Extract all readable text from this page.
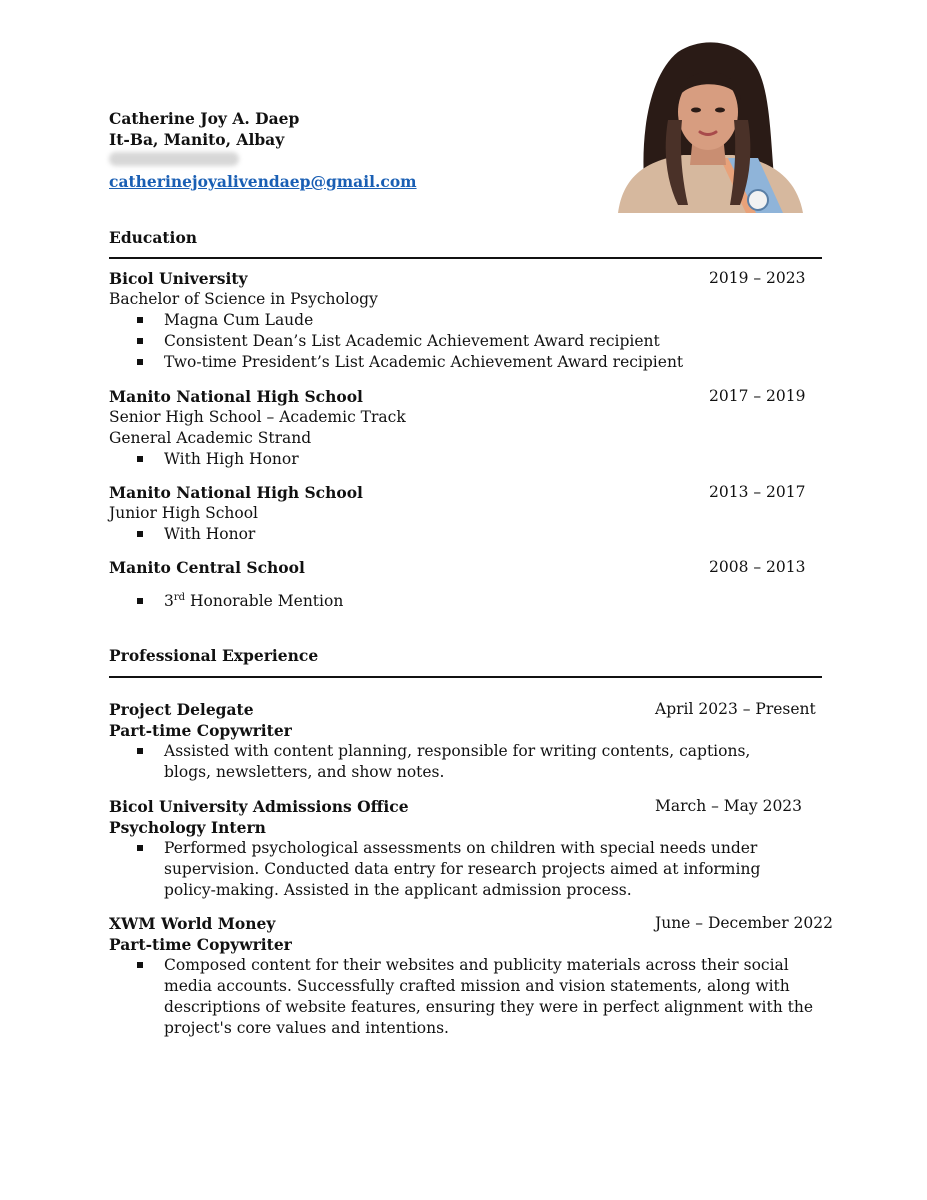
Catherine Joy A. Daep
It-Ba, Manito, Albay
catherinejoyalivendaep@gmail.com
Education
Bicol University	2019 – 2023
Bachelor of Science in Psychology
Magna Cum Laude
Consistent Dean’s List Academic Achievement Award recipient
Two-time President’s List Academic Achievement Award recipient
Manito National High School	2017 – 2019
Senior High School – Academic Track
General Academic Strand
With High Honor
Manito National High School	2013 – 2017
Junior High School
With Honor
Manito Central School	2008 – 2013
3rd Honorable Mention
Professional Experience
Project Delegate	April 2023 – Present
Part-time Copywriter
Assisted with content planning, responsible for writing contents, captions, blogs, newsletters, and show notes.
Bicol University Admissions Office	March – May 2023
Psychology Intern
Performed psychological assessments on children with special needs under supervision. Conducted data entry for research projects aimed at informing policy-making. Assisted in the applicant admission process.
XWM World Money	June – December 2022
Part-time Copywriter
Composed content for their websites and publicity materials across their social media accounts. Successfully crafted mission and vision statements, along with descriptions of website features, ensuring they were in perfect alignment with the project's core values and intentions.
